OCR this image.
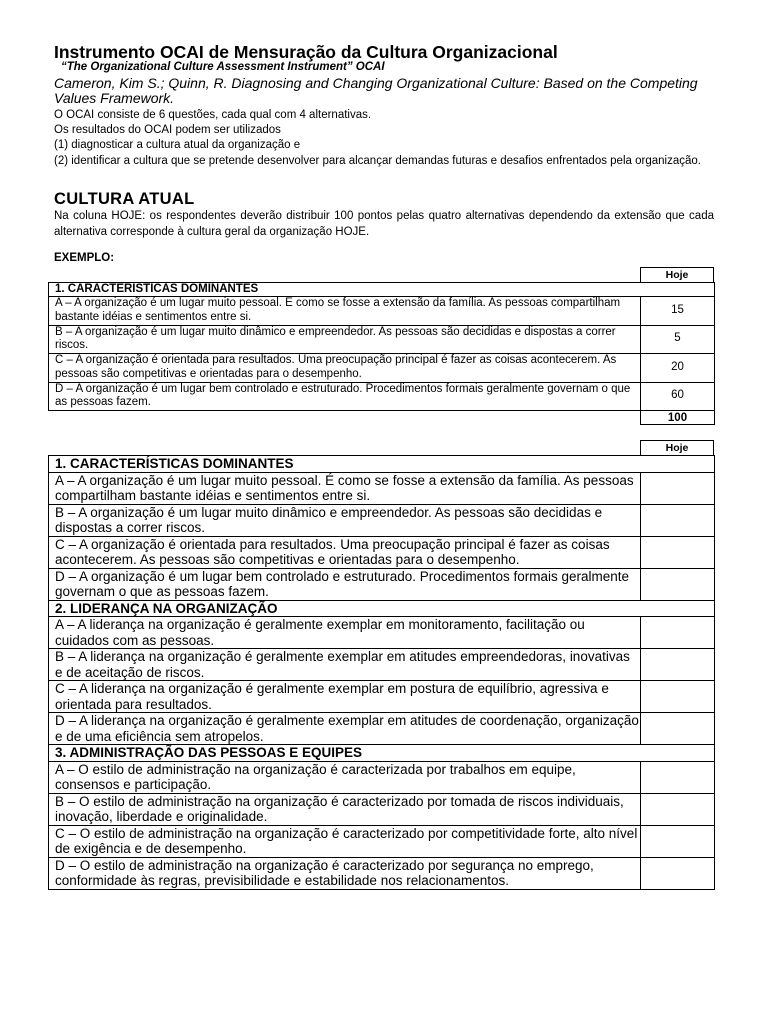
Instrumento OCAI de Mensuração da Cultura Organizacional
“The Organizational Culture Assessment Instrument” OCAI
Cameron, Kim S.; Quinn, R. Diagnosing and Changing Organizational Culture: Based on the Competing Values Framework.
O OCAI consiste de 6 questões, cada qual com 4 alternativas.
Os resultados do OCAI podem ser utilizados
(1) diagnosticar a cultura atual da organização e
(2) identificar a cultura que se pretende desenvolver para alcançar demandas futuras e desafios enfrentados pela organização.
CULTURA ATUAL
Na coluna HOJE: os respondentes deverão distribuir 100 pontos pelas quatro alternativas dependendo da extensão que cada alternativa corresponde à cultura geral da organização HOJE.
EXEMPLO:
Hoje
1. CARACTERÍSTICAS DOMINANTES	
A – A organização é um lugar muito pessoal. E como se fosse a extensão da família. As pessoas compartilham bastante idéias e sentimentos entre si.	15
B – A organização é um lugar muito dinâmico e empreendedor. As pessoas são decididas e dispostas a correr riscos.	5
C – A organização é orientada para resultados. Uma preocupação principal é fazer as coisas acontecerem. As pessoas são competitivas e orientadas para o desempenho.	20
D – A organização é um lugar bem controlado e estruturado. Procedimentos formais geralmente governam o que as pessoas fazem.	60
	100
Hoje
1. CARACTERÍSTICAS DOMINANTES	
A – A organização é um lugar muito pessoal. É como se fosse a extensão da família. As pessoas compartilham bastante idéias e sentimentos entre si.	
B – A organização é um lugar muito dinâmico e empreendedor. As pessoas são decididas e dispostas a correr riscos.	
C – A organização é orientada para resultados. Uma preocupação principal é fazer as coisas acontecerem. As pessoas são competitivas e orientadas para o desempenho.	
D – A organização é um lugar bem controlado e estruturado. Procedimentos formais geralmente governam o que as pessoas fazem.	
2. LIDERANÇA NA ORGANIZAÇÃO	
A – A liderança na organização é geralmente exemplar em monitoramento, facilitação ou cuidados com as pessoas.	
B – A liderança na organização é geralmente exemplar em atitudes empreendedoras, inovativas e de aceitação de riscos.	
C – A liderança na organização é geralmente exemplar em postura de equilíbrio, agressiva e orientada para resultados.	
D – A liderança na organização é geralmente exemplar em atitudes de coordenação, organização e de uma eficiência sem atropelos.	
3. ADMINISTRAÇÃO DAS PESSOAS E EQUIPES	
A – O estilo de administração na organização é caracterizada por trabalhos em equipe, consensos e participação.	
B – O estilo de administração na organização é caracterizado por tomada de riscos individuais, inovação, liberdade e originalidade.	
C – O estilo de administração na organização é caracterizado por competitividade forte, alto nível de exigência e de desempenho.	
D – O estilo de administração na organização é caracterizado por segurança no emprego, conformidade às regras, previsibilidade e estabilidade nos relacionamentos.	
